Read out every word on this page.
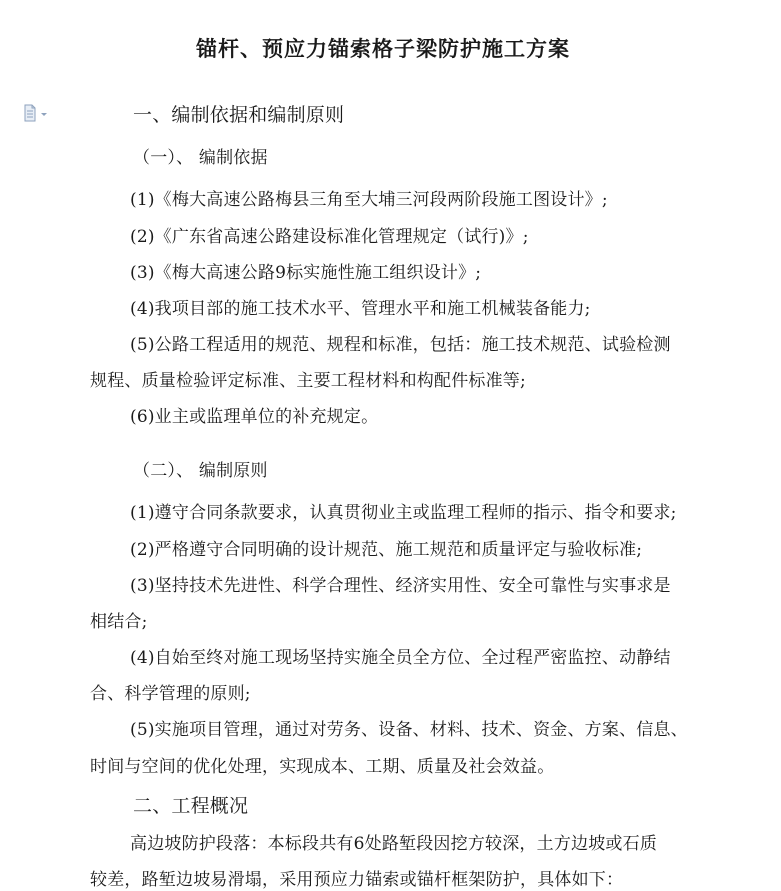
锚杆、预应力锚索格子梁防护施工方案
一、编制依据和编制原则
（一）、 编制依据
(1)《梅大高速公路梅县三角至大埔三河段两阶段施工图设计》;
(2)《广东省高速公路建设标准化管理规定（试行)》;
(3)《梅大高速公路9标实施性施工组织设计》;
(4)我项目部的施工技术水平、管理水平和施工机械装备能力;
(5)公路工程适用的规范、规程和标准，包括：施工技术规范、试验检测
规程、质量检验评定标准、主要工程材料和构配件标准等;
(6)业主或监理单位的补充规定。
（二）、 编制原则
(1)遵守合同条款要求，认真贯彻业主或监理工程师的指示、指令和要求;
(2)严格遵守合同明确的设计规范、施工规范和质量评定与验收标准;
(3)坚持技术先进性、科学合理性、经济实用性、安全可靠性与实事求是
相结合;
(4)自始至终对施工现场坚持实施全员全方位、全过程严密监控、动静结
合、科学管理的原则;
(5)实施项目管理，通过对劳务、设备、材料、技术、资金、方案、信息、
时间与空间的优化处理，实现成本、工期、质量及社会效益。
二、工程概况
高边坡防护段落：本标段共有6处路堑段因挖方较深，土方边坡或石质
较差，路堑边坡易滑塌，采用预应力锚索或锚杆框架防护，具体如下：
